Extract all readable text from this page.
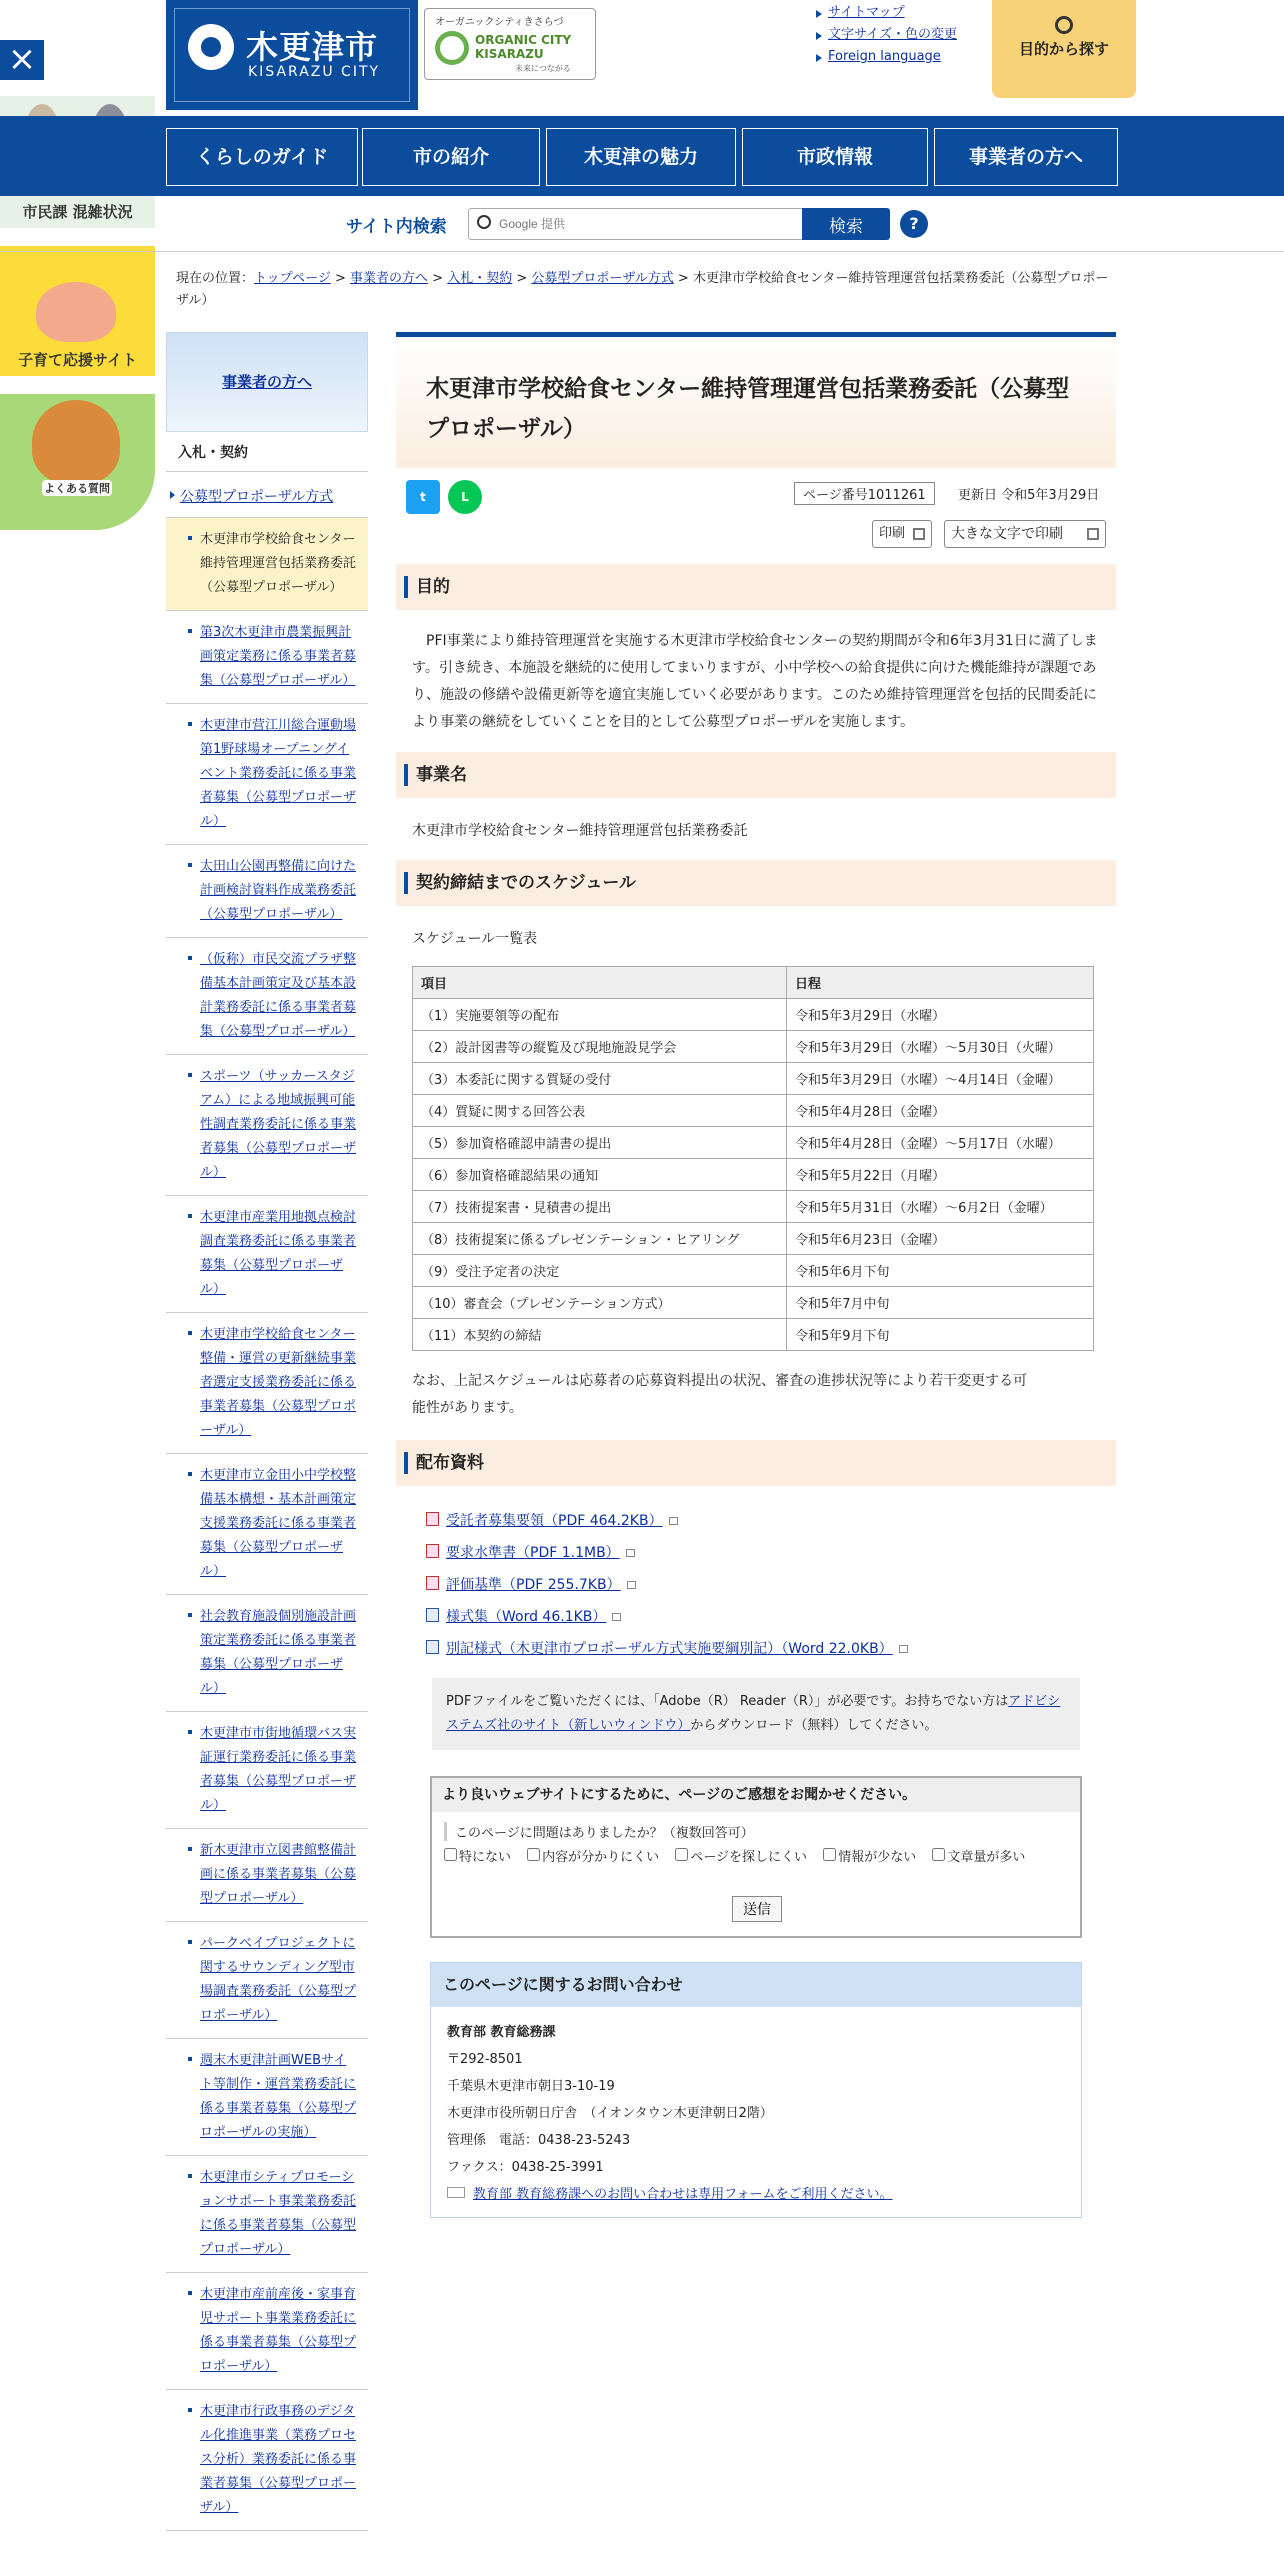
×
市民課 混雑状況
子育て応援サイト
よくある質問
木更津市
KISARAZU CITY
オーガニックシティきさらづ
ORGANIC CITY KISARAZU
未来につながる
サイトマップ
文字サイズ・色の変更
Foreign language	目的から探す
くらしのガイド	市の紹介	木更津の魅力	市政情報	事業者の方へ
サイト内検索
Google 提供	検索	?
現在の位置：トップページ > 事業者の方へ > 入札・契約 > 公募型プロポーザル方式 > 木更津市学校給食センター維持管理運営包括業務委託（公募型プロポーザル）
事業者の方へ
入札・契約
公募型プロポーザル方式
木更津市学校給食センター維持管理運営包括業務委託（公募型プロポーザル）
第3次木更津市農業振興計画策定業務に係る事業者募集（公募型プロポーザル）
木更津市营江川総合運動場第1野球場オープニングイベント業務委託に係る事業者募集（公募型プロポーザル）
太田山公園再整備に向けた計画検討資料作成業務委託（公募型プロポーザル）
（仮称）市民交流プラザ整備基本計画策定及び基本設計業務委託に係る事業者募集（公募型プロポーザル）
スポーツ（サッカースタジアム）による地域振興可能性調査業務委託に係る事業者募集（公募型プロポーザル）
木更津市産業用地拠点検討調査業務委託に係る事業者募集（公募型プロポーザル）
木更津市学校給食センター整備・運営の更新継続事業者選定支援業務委託に係る事業者募集（公募型プロポーザル）
木更津市立金田小中学校整備基本構想・基本計画策定支援業務委託に係る事業者募集（公募型プロポーザル）
社会教育施設個別施設計画策定業務委託に係る事業者募集（公募型プロポーザル）
木更津市市街地循環バス実証運行業務委託に係る事業者募集（公募型プロポーザル）
新木更津市立図書館整備計画に係る事業者募集（公募型プロポーザル）
パークベイプロジェクトに関するサウンディング型市場調査業務委託（公募型プロポーザル）
週末木更津計画WEBサイト等制作・運営業務委託に係る事業者募集（公募型プロポーザルの実施）
木更津市シティプロモーションサポート事業業務委託に係る事業者募集（公募型プロポーザル）
木更津市産前産後・家事育児サポート事業業務委託に係る事業者募集（公募型プロポーザル）
木更津市行政事務のデジタル化推進事業（業務プロセス分析）業務委託に係る事業者募集（公募型プロポーザル）
木更津市学校給食センター維持管理運営包括業務委託（公募型プロポーザル）
t	L	ページ番号1011261	更新日 令和5年3月29日
印刷	大きな文字で印刷
目的
PFI事業により維持管理運営を実施する木更津市学校給食センターの契約期間が令和6年3月31日に満了します。引き続き、本施設を継続的に使用してまいりますが、小中学校への給食提供に向けた機能維持が課題であり、施設の修繕や設備更新等を適宜実施していく必要があります。このため維持管理運営を包括的民間委託により事業の継続をしていくことを目的として公募型プロポーザルを実施します。
事業名
木更津市学校給食センター維持管理運営包括業務委託
契約締結までのスケジュール
スケジュール一覧表
項目	日程
（1）実施要領等の配布	令和5年3月29日（水曜）
（2）設計図書等の縦覧及び現地施設見学会	令和5年3月29日（水曜）～5月30日（火曜）
（3）本委託に関する質疑の受付	令和5年3月29日（水曜）～4月14日（金曜）
（4）質疑に関する回答公表	令和5年4月28日（金曜）
（5）参加資格確認申請書の提出	令和5年4月28日（金曜）～5月17日（水曜）
（6）参加資格確認結果の通知	令和5年5月22日（月曜）
（7）技術提案書・見積書の提出	令和5年5月31日（水曜）～6月2日（金曜）
（8）技術提案に係るプレゼンテーション・ヒアリング	令和5年6月23日（金曜）
（9）受注予定者の決定	令和5年6月下旬
（10）審査会（プレゼンテーション方式）	令和5年7月中旬
（11）本契約の締結	令和5年9月下旬
なお、上記スケジュールは応募者の応募資料提出の状況、審査の進捗状況等により若干変更する可能性があります。
配布資料
受託者募集要領（PDF 464.2KB）
要求水準書（PDF 1.1MB）
評価基準（PDF 255.7KB）
様式集（Word 46.1KB）
別記様式（木更津市プロポーザル方式実施要綱別記）（Word 22.0KB）
PDFファイルをご覧いただくには、「Adobe（R） Reader（R）」が必要です。お持ちでない方はアドビシステムズ社のサイト（新しいウィンドウ）からダウンロード（無料）してください。
より良いウェブサイトにするために、ページのご感想をお聞かせください。
このページに問題はありましたか？（複数回答可）
特にない 内容が分かりにくい ページを探しにくい 情報が少ない 文章量が多い
送信
このページに関するお問い合わせ
教育部 教育総務課
〒292-8501
千葉県木更津市朝日3-10-19
木更津市役所朝日庁舎　（イオンタウン木更津朝日2階）
管理係　電話：0438-23-5243
ファクス：0438-25-3991
教育部 教育総務課へのお問い合わせは専用フォームをご利用ください。
